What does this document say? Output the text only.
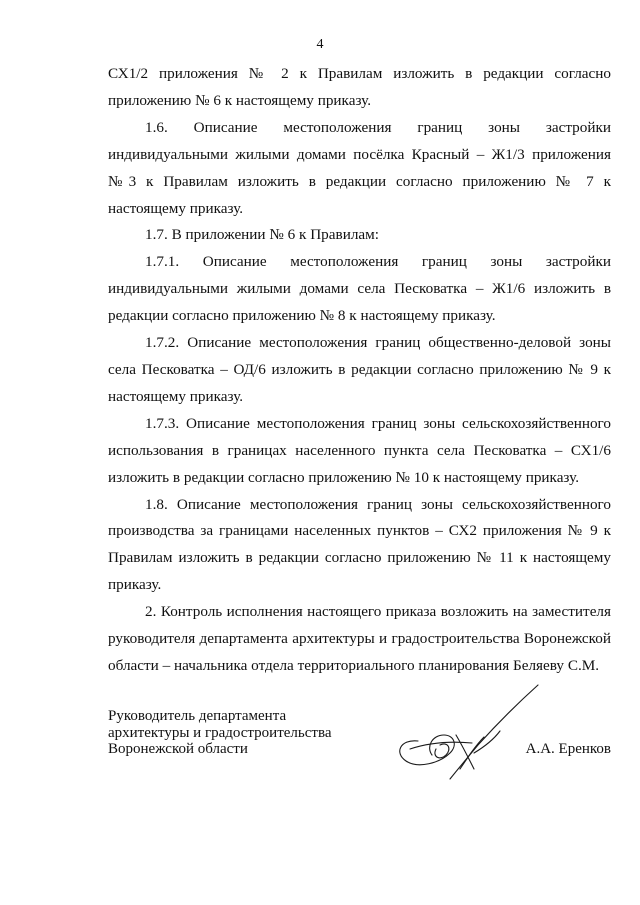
4

СХ1/2 приложения № 2 к Правилам изложить в редакции согласно приложению № 6 к настоящему приказу.

1.6. Описание местоположения границ зоны застройки индивидуальными жилыми домами посёлка Красный – Ж1/3 приложения №3 к Правилам изложить в редакции согласно приложению № 7 к настоящему приказу.

1.7. В приложении № 6 к Правилам:

1.7.1. Описание местоположения границ зоны застройки индивидуальными жилыми домами села Песковатка – Ж1/6 изложить в редакции согласно приложению № 8 к настоящему приказу.

1.7.2. Описание местоположения границ общественно-деловой зоны села Песковатка – ОД/6 изложить в редакции согласно приложению № 9 к настоящему приказу.

1.7.3. Описание местоположения границ зоны сельскохозяйственного использования в границах населенного пункта села Песковатка – СХ1/6 изложить в редакции согласно приложению № 10 к настоящему приказу.

1.8. Описание местоположения границ зоны сельскохозяйственного производства за границами населенных пунктов – СХ2 приложения № 9 к Правилам изложить в редакции согласно приложению № 11 к настоящему приказу.

2. Контроль исполнения настоящего приказа возложить на заместителя руководителя департамента архитектуры и градостроительства Воронежской области – начальника отдела территориального планирования Беляеву С.М.

Руководитель департамента
архитектуры и градостроительства
Воронежской области	А.А. Еренков
